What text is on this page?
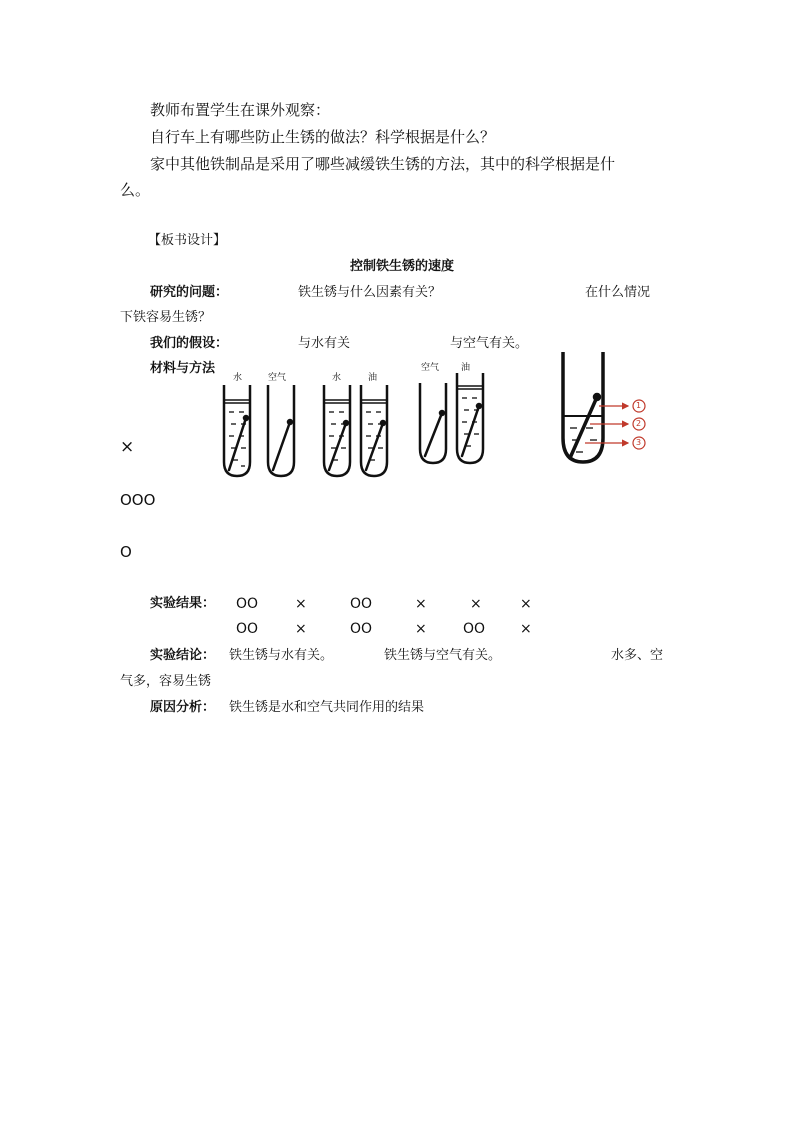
教师布置学生在课外观察：
自行车上有哪些防止生锈的做法？科学根据是什么？
家中其他铁制品是采用了哪些减缓铁生锈的方法，其中的科学根据是什
么。
【板书设计】
控制铁生锈的速度
研究的问题：	铁生锈与什么因素有关？	在什么情况
下铁容易生锈？
我们的假设：	与水有关	与空气有关。
材料与方法
水	空气	水	油
空气 油
1
2
3
×
OOO
O
实验结果： OO	×	OO	×	×	×
OO	×	OO	×	OO ×
实验结论： 铁生锈与水有关。	铁生锈与空气有关。	水多、空
气多，容易生锈
原因分析： 铁生锈是水和空气共同作用的结果
